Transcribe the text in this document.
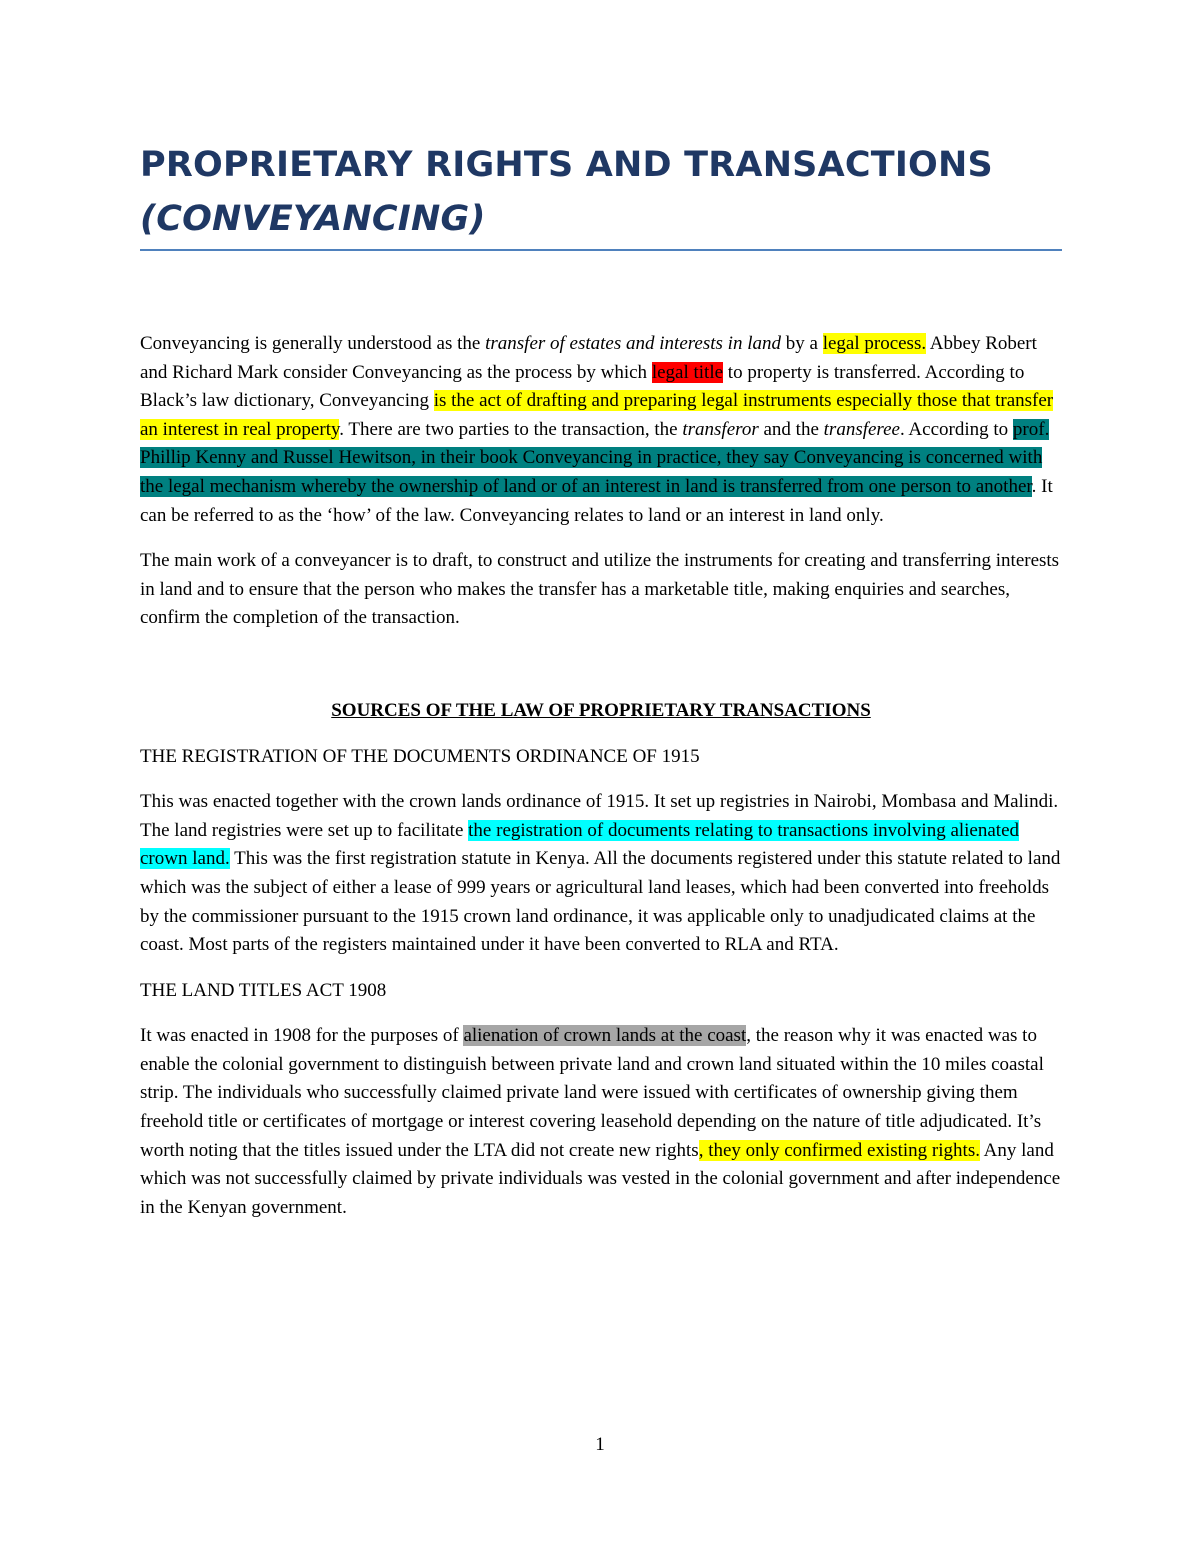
PROPRIETARY RIGHTS AND TRANSACTIONS
(CONVEYANCING)

Conveyancing is generally understood as the transfer of estates and interests in land by a legal process. Abbey Robert and Richard Mark consider Conveyancing as the process by which legal title to property is transferred. According to Black’s law dictionary, Conveyancing is the act of drafting and preparing legal instruments especially those that transfer an interest in real property. There are two parties to the transaction, the transferor and the transferee. According to prof. Phillip Kenny and Russel Hewitson, in their book Conveyancing in practice, they say Conveyancing is concerned with the legal mechanism whereby the ownership of land or of an interest in land is transferred from one person to another. It can be referred to as the ‘how’ of the law. Conveyancing relates to land or an interest in land only.

The main work of a conveyancer is to draft, to construct and utilize the instruments for creating and transferring interests in land and to ensure that the person who makes the transfer has a marketable title, making enquiries and searches, confirm the completion of the transaction.

SOURCES OF THE LAW OF PROPRIETARY TRANSACTIONS

THE REGISTRATION OF THE DOCUMENTS ORDINANCE OF 1915

This was enacted together with the crown lands ordinance of 1915. It set up registries in Nairobi, Mombasa and Malindi. The land registries were set up to facilitate the registration of documents relating to transactions involving alienated crown land. This was the first registration statute in Kenya. All the documents registered under this statute related to land which was the subject of either a lease of 999 years or agricultural land leases, which had been converted into freeholds by the commissioner pursuant to the 1915 crown land ordinance, it was applicable only to unadjudicated claims at the coast. Most parts of the registers maintained under it have been converted to RLA and RTA.

THE LAND TITLES ACT 1908

It was enacted in 1908 for the purposes of alienation of crown lands at the coast, the reason why it was enacted was to enable the colonial government to distinguish between private land and crown land situated within the 10 miles coastal strip. The individuals who successfully claimed private land were issued with certificates of ownership giving them freehold title or certificates of mortgage or interest covering leasehold depending on the nature of title adjudicated. It’s worth noting that the titles issued under the LTA did not create new rights, they only confirmed existing rights. Any land which was not successfully claimed by private individuals was vested in the colonial government and after independence in the Kenyan government.

1
